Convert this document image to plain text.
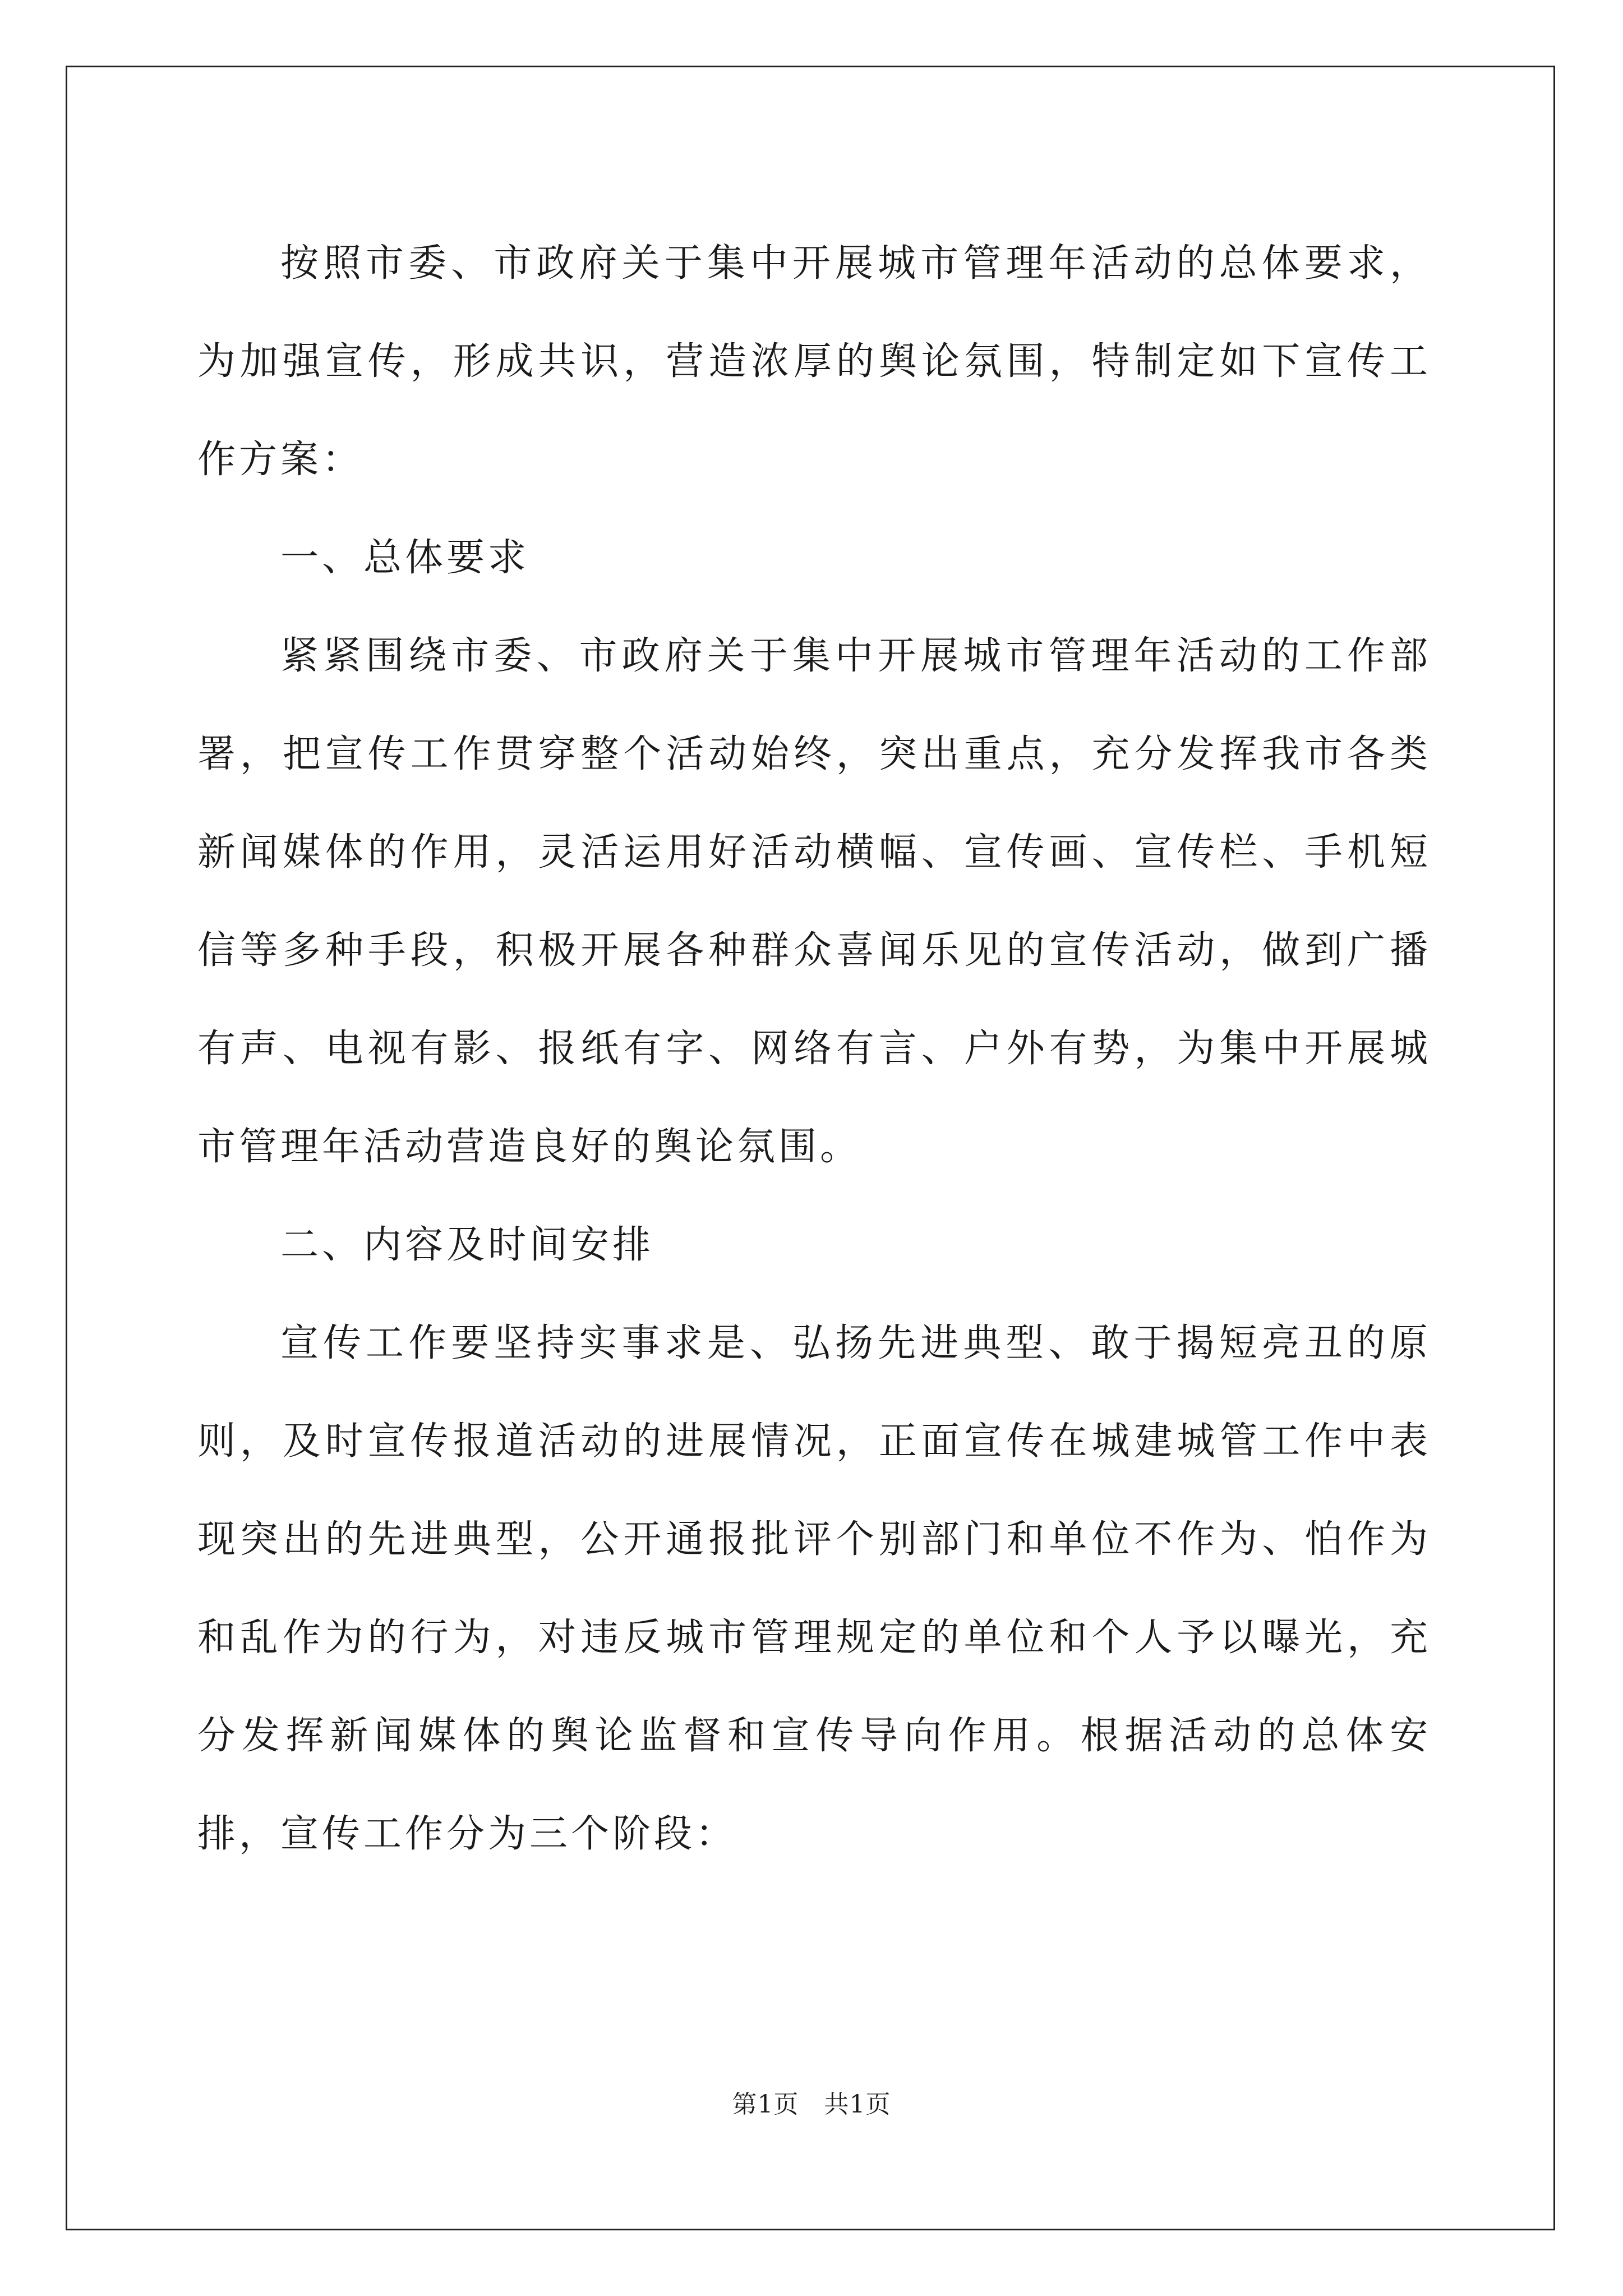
按照市委、市政府关于集中开展城市管理年活动的总体要求，为加强宣传，形成共识，营造浓厚的舆论氛围，特制定如下宣传工作方案：

一、总体要求

紧紧围绕市委、市政府关于集中开展城市管理年活动的工作部署，把宣传工作贯穿整个活动始终，突出重点，充分发挥我市各类新闻媒体的作用，灵活运用好活动横幅、宣传画、宣传栏、手机短信等多种手段，积极开展各种群众喜闻乐见的宣传活动，做到广播有声、电视有影、报纸有字、网络有言、户外有势，为集中开展城市管理年活动营造良好的舆论氛围。

二、内容及时间安排

宣传工作要坚持实事求是、弘扬先进典型、敢于揭短亮丑的原则，及时宣传报道活动的进展情况，正面宣传在城建城管工作中表现突出的先进典型，公开通报批评个别部门和单位不作为、怕作为和乱作为的行为，对违反城市管理规定的单位和个人予以曝光，充分发挥新闻媒体的舆论监督和宣传导向作用。根据活动的总体安排，宣传工作分为三个阶段：

第1页 共1页
